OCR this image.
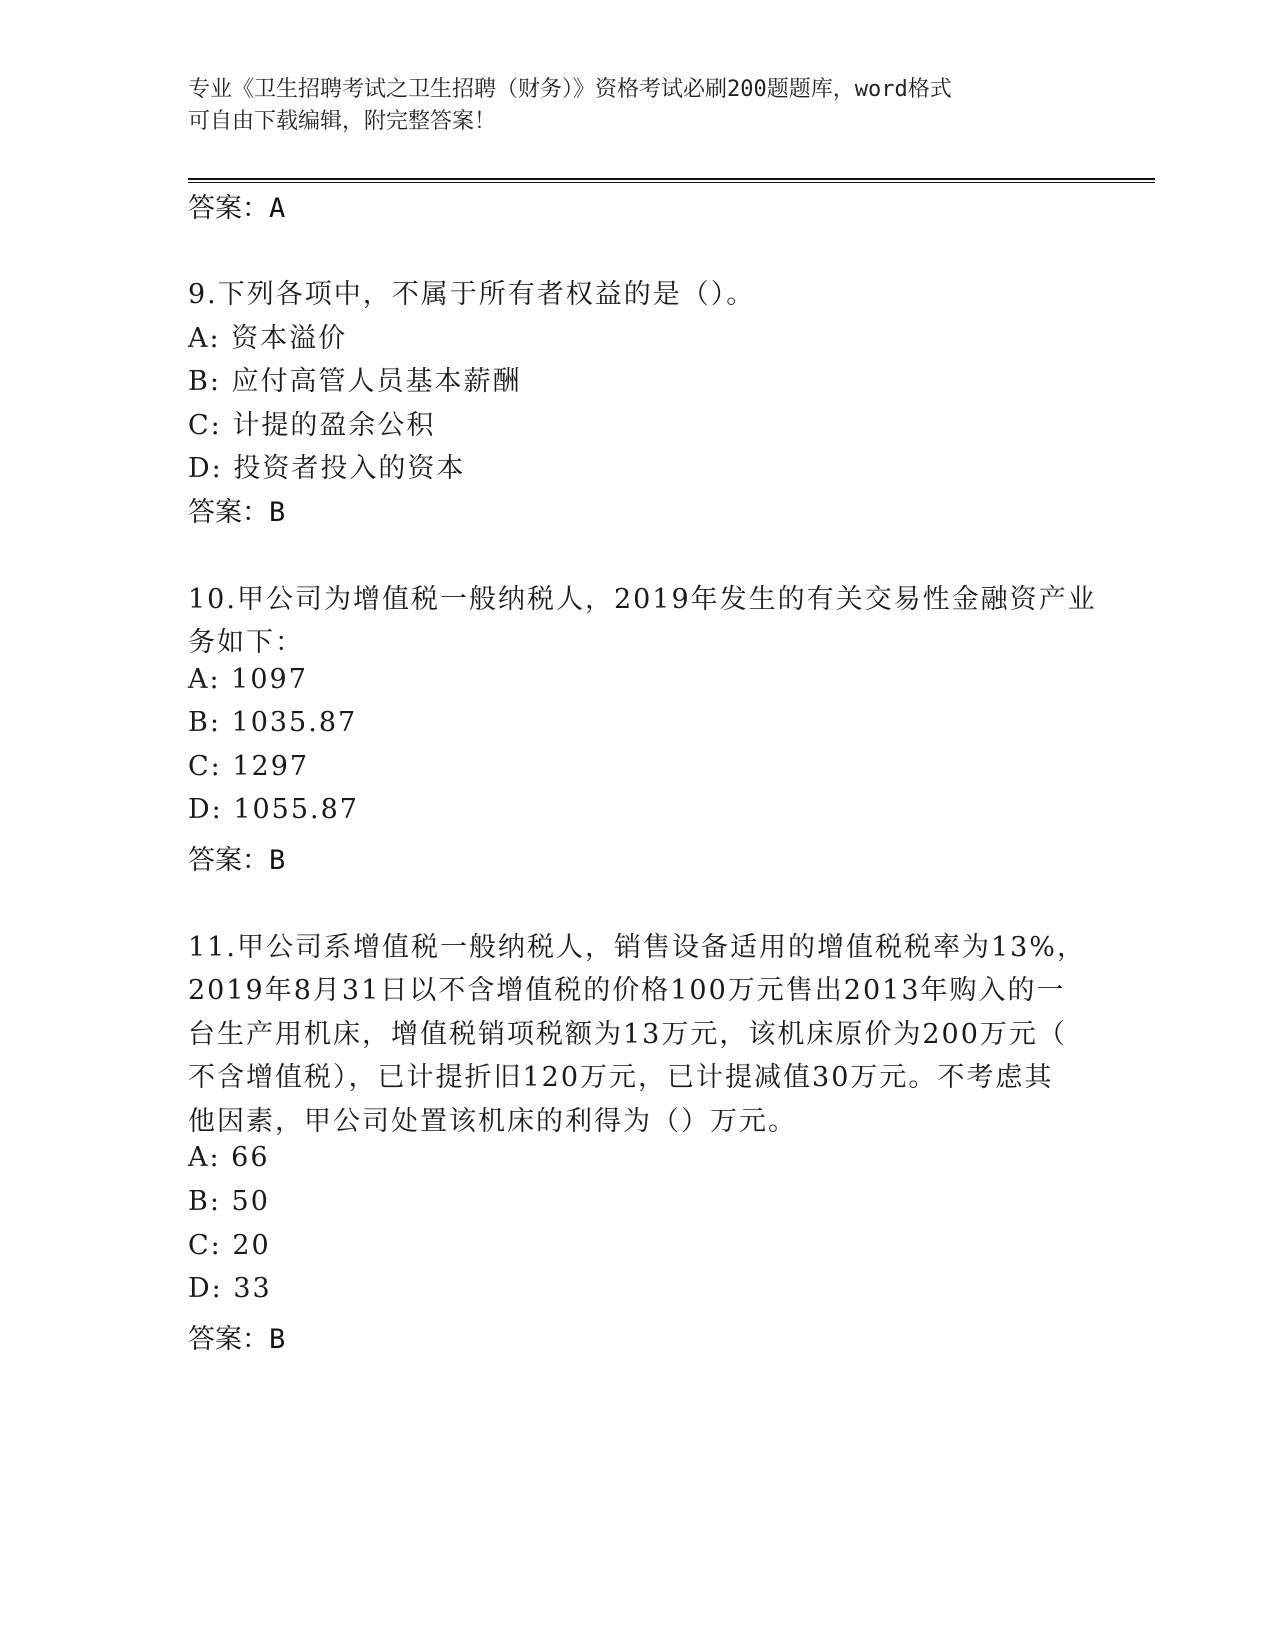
专业《卫生招聘考试之卫生招聘（财务）》资格考试必刷200题题库，word格式
可自由下载编辑，附完整答案！
答案：A
9.下列各项中，不属于所有者权益的是（）。
A: 资本溢价
B: 应付高管人员基本薪酬
C: 计提的盈余公积
D: 投资者投入的资本
答案：B
10.甲公司为增值税一般纳税人，2019年发生的有关交易性金融资产业
务如下：
A: 1097
B: 1035.87
C: 1297
D: 1055.87
答案：B
11.甲公司系增值税一般纳税人，销售设备适用的增值税税率为13%，
2019年8月31日以不含增值税的价格100万元售出2013年购入的一
台生产用机床，增值税销项税额为13万元，该机床原价为200万元（
不含增值税），已计提折旧120万元，已计提减值30万元。不考虑其
他因素，甲公司处置该机床的利得为（）万元。
A: 66
B: 50
C: 20
D: 33
答案：B
